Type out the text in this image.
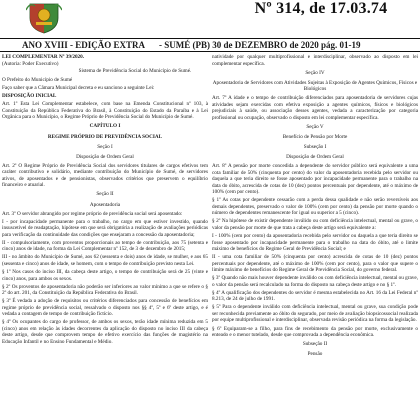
Nº 314, de 17.03.74
ANO XVIII - EDIÇÃO EXTRA - SUMÉ (PB) 30 de DEZEMBRO de 2020 pág. 01-19
LEI COMPLEMENTAR Nº 39/2020.
(Autoria: Poder Executivo)

Sistema de Previdência Social do Município de Sumé.

O Prefeito do Município de Sumé

Faço saber que a Câmara Municipal decreta e eu sanciono a seguinte Lei:

DISPOSIÇÃO INICIAL

Art. 1º Esta Lei Complementar estabelece, com base na Emenda Constitucional nº 103, à Constituição da República Federativa do Brasil, à Constituição do Estado da Paraíba e à Lei Orgânica para o Município, o Regime Próprio de Previdência Social do Município de Sumé.

CAPÍTULO I

REGIME PRÓPRIO DE PREVIDÊNCIA SOCIAL

Seção I

Disposição de Ordem Geral

Art. 2º O Regime Próprio de Previdência Social dos servidores titulares de cargos efetivos tem caráter contributivo e solidário, mediante contribuição do Município de Sumé, de servidores ativos, de aposentados e de pensionistas, observados critérios que preservem o equilíbrio financeiro e atuarial.

Seção II

Aposentadoria

Art. 3º O servidor abrangido por regime próprio de previdência social será aposentado:

I - por incapacidade permanente para o trabalho, no cargo em que estiver investido, quando insuscetível de readaptação, hipótese em que será obrigatória a realização de avaliações periódicas para verificação da continuidade das condições que ensejaram a concessão da aposentadoria;

II - compulsoriamente, com proventos proporcionais ao tempo de contribuição, aos 75 (setenta e cinco) anos de idade, na forma da Lei Complementar nº 152, de 3 de dezembro de 2015;

III - no âmbito do Município de Sumé, aos 62 (sessenta e dois) anos de idade, se mulher, e aos 65 (sessenta e cinco) anos de idade, se homem, com o tempo de contribuição previsto nesta Lei.

§ 1º Nos casos do inciso III, da cabeça deste artigo, o tempo de contribuição será de 25 (vinte e cinco) anos, para ambos os sexos.

§ 2º Os proventos de aposentadoria não poderão ser inferiores ao valor mínimo a que se refere o § 2º do art. 201, da Constituição da República Federativa do Brasil.

§ 3º É vedada a adoção de requisitos ou critérios diferenciados para concessão de benefícios em regime próprio de previdência social, ressalvado o disposto nos §§ 4º, 5º e 6º deste artigo, e é vedada a contagem de tempo de contribuição fictício.

§ 4º Os ocupantes do cargo de professor, de ambos os sexos, terão idade mínima reduzida em 5 (cinco) anos em relação às idades decorrentes da aplicação do disposto no inciso III da cabeça deste artigo, desde que comprovem tempo de efetivo exercício das funções de magistério na Educação Infantil e no Ensino Fundamental e Médio.

natividade por qualquer multiprofissional e interdisciplinar, observado ao disposto em lei complementar específica.

Seção IV

Aposentadoria de Servidores com Atividades Sujeitas à Exposição de Agentes Químicos, Físicos e Biológicos

Art. 7º A idade e o tempo de contribuição diferenciados para aposentadoria de servidores cujas atividades sejam exercidas com efetiva exposição a agentes químicos, físicos e biológicos prejudiciais à saúde, ou associação desses agentes, vedada a caracterização por categoria profissional ou ocupação, observado o disposto em lei complementar específica.

Seção V

Benefício de Pensão por Morte

Subseção I

Disposição de Ordem Geral

Art. 8º A pensão por morte concedida a dependente do servidor público será equivalente a uma cota familiar de 50% (cinquenta por cento) do valor da aposentadoria recebida pelo servidor ou daquela a que teria direito se fosse aposentado por incapacidade permanente para o trabalho na data do óbito, acrescida de cotas de 10 (dez) pontos percentuais por dependente, até o máximo de 100% (cem por cento).

§ 1º As cotas por dependente cessarão com a perda dessa qualidade e não serão reversíveis aos demais dependentes, preservado o valor de 100% (cem por cento) da pensão por morte quando o número de dependentes remanescente for igual ou superior a 5 (cinco).

§ 2º Na hipótese de existir dependente inválido ou com deficiência intelectual, mental ou grave, o valor da pensão por morte de que trata a cabeça deste artigo será equivalente a:

I - 100% (cem por cento) da aposentadoria recebida pelo servidor ou daquela a que teria direito se fosse aposentado por incapacidade permanente para o trabalho na data do óbito, até o limite máximo de benefícios do Regime Geral de Previdência Social; e

II - uma cota familiar de 50% (cinquenta por cento) acrescida de cotas de 10 (dez) pontos percentuais por dependente, até o máximo de 100% (cem por cento), para o valor que supere o limite máximo de benefícios do Regime Geral de Previdência Social, do governo federal.

§ 3º Quando não mais houver dependente inválido ou com deficiência intelectual, mental ou grave, o valor da pensão será recalculado na forma do disposto na cabeça deste artigo e no § 1º.

§ 4º A qualificação dos dependentes do servidor é mesma estabelecida no Art. 16 da Lei Federal nº 8.213, de 24 de julho de 1991.

§ 5º Para o dependente inválido com deficiência intelectual, mental ou grave, sua condição pode ser reconhecida previamente ao óbito do segurado, por meio de avaliação biopsicossocial realizada por equipe multiprofissional e interdisciplinar, observada revisão periódica na forma da legislação.

§ 6º Equiparam-se a filho, para fins de recebimento da pensão por morte, exclusivamente o enteado e o menor tutelado, desde que comprovada a dependência econômica.

Subseção II

Pensão
